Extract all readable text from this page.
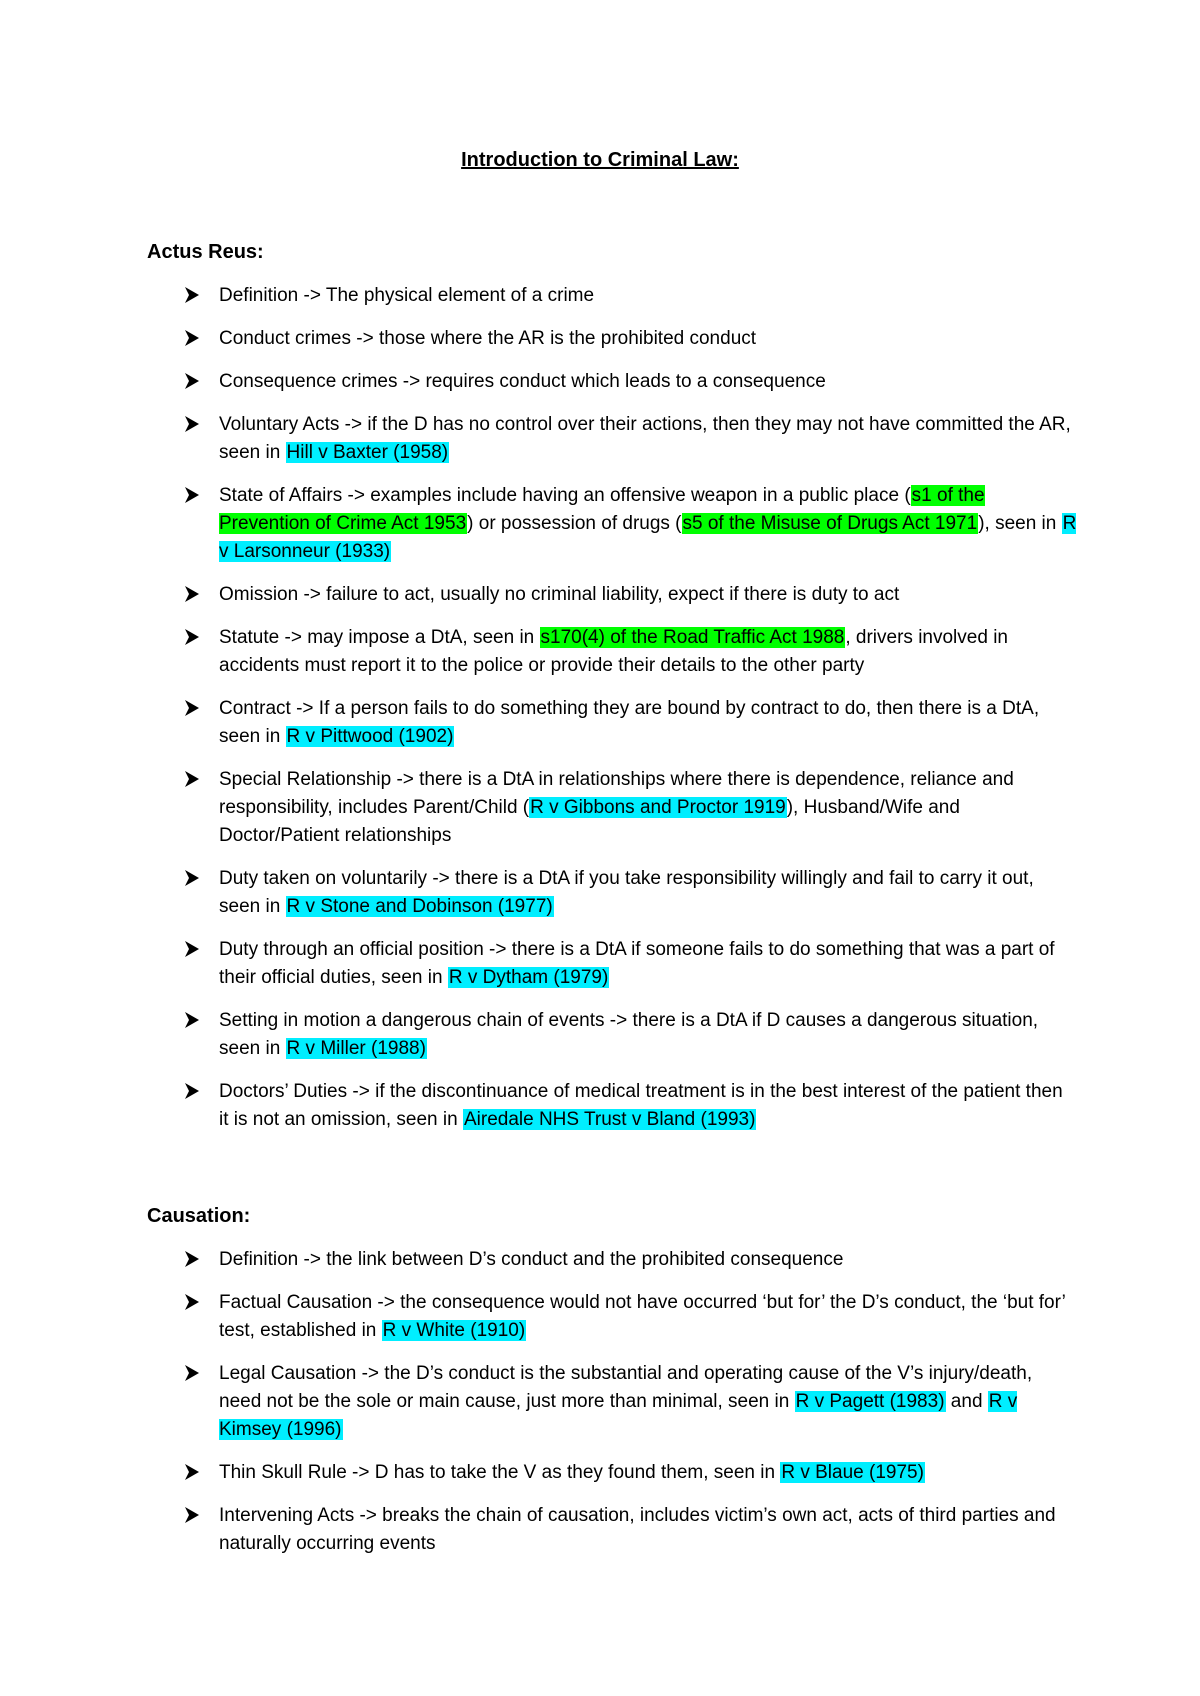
Introduction to Criminal Law:
Actus Reus:
Definition -> The physical element of a crime
Conduct crimes -> those where the AR is the prohibited conduct
Consequence crimes -> requires conduct which leads to a consequence
Voluntary Acts -> if the D has no control over their actions, then they may not have committed the AR, seen in Hill v Baxter (1958)
State of Affairs -> examples include having an offensive weapon in a public place (s1 of the Prevention of Crime Act 1953) or possession of drugs (s5 of the Misuse of Drugs Act 1971), seen in R v Larsonneur (1933)
Omission -> failure to act, usually no criminal liability, expect if there is duty to act
Statute -> may impose a DtA, seen in s170(4) of the Road Traffic Act 1988, drivers involved in accidents must report it to the police or provide their details to the other party
Contract -> If a person fails to do something they are bound by contract to do, then there is a DtA, seen in R v Pittwood (1902)
Special Relationship -> there is a DtA in relationships where there is dependence, reliance and responsibility, includes Parent/Child (R v Gibbons and Proctor 1919), Husband/Wife and Doctor/Patient relationships
Duty taken on voluntarily -> there is a DtA if you take responsibility willingly and fail to carry it out, seen in R v Stone and Dobinson (1977)
Duty through an official position -> there is a DtA if someone fails to do something that was a part of their official duties, seen in R v Dytham (1979)
Setting in motion a dangerous chain of events -> there is a DtA if D causes a dangerous situation, seen in R v Miller (1988)
Doctors’ Duties -> if the discontinuance of medical treatment is in the best interest of the patient then it is not an omission, seen in Airedale NHS Trust v Bland (1993)
Causation:
Definition -> the link between D’s conduct and the prohibited consequence
Factual Causation -> the consequence would not have occurred ‘but for’ the D’s conduct, the ‘but for’ test, established in R v White (1910)
Legal Causation -> the D’s conduct is the substantial and operating cause of the V’s injury/death, need not be the sole or main cause, just more than minimal, seen in R v Pagett (1983) and R v Kimsey (1996)
Thin Skull Rule -> D has to take the V as they found them, seen in R v Blaue (1975)
Intervening Acts -> breaks the chain of causation, includes victim’s own act, acts of third parties and naturally occurring events
